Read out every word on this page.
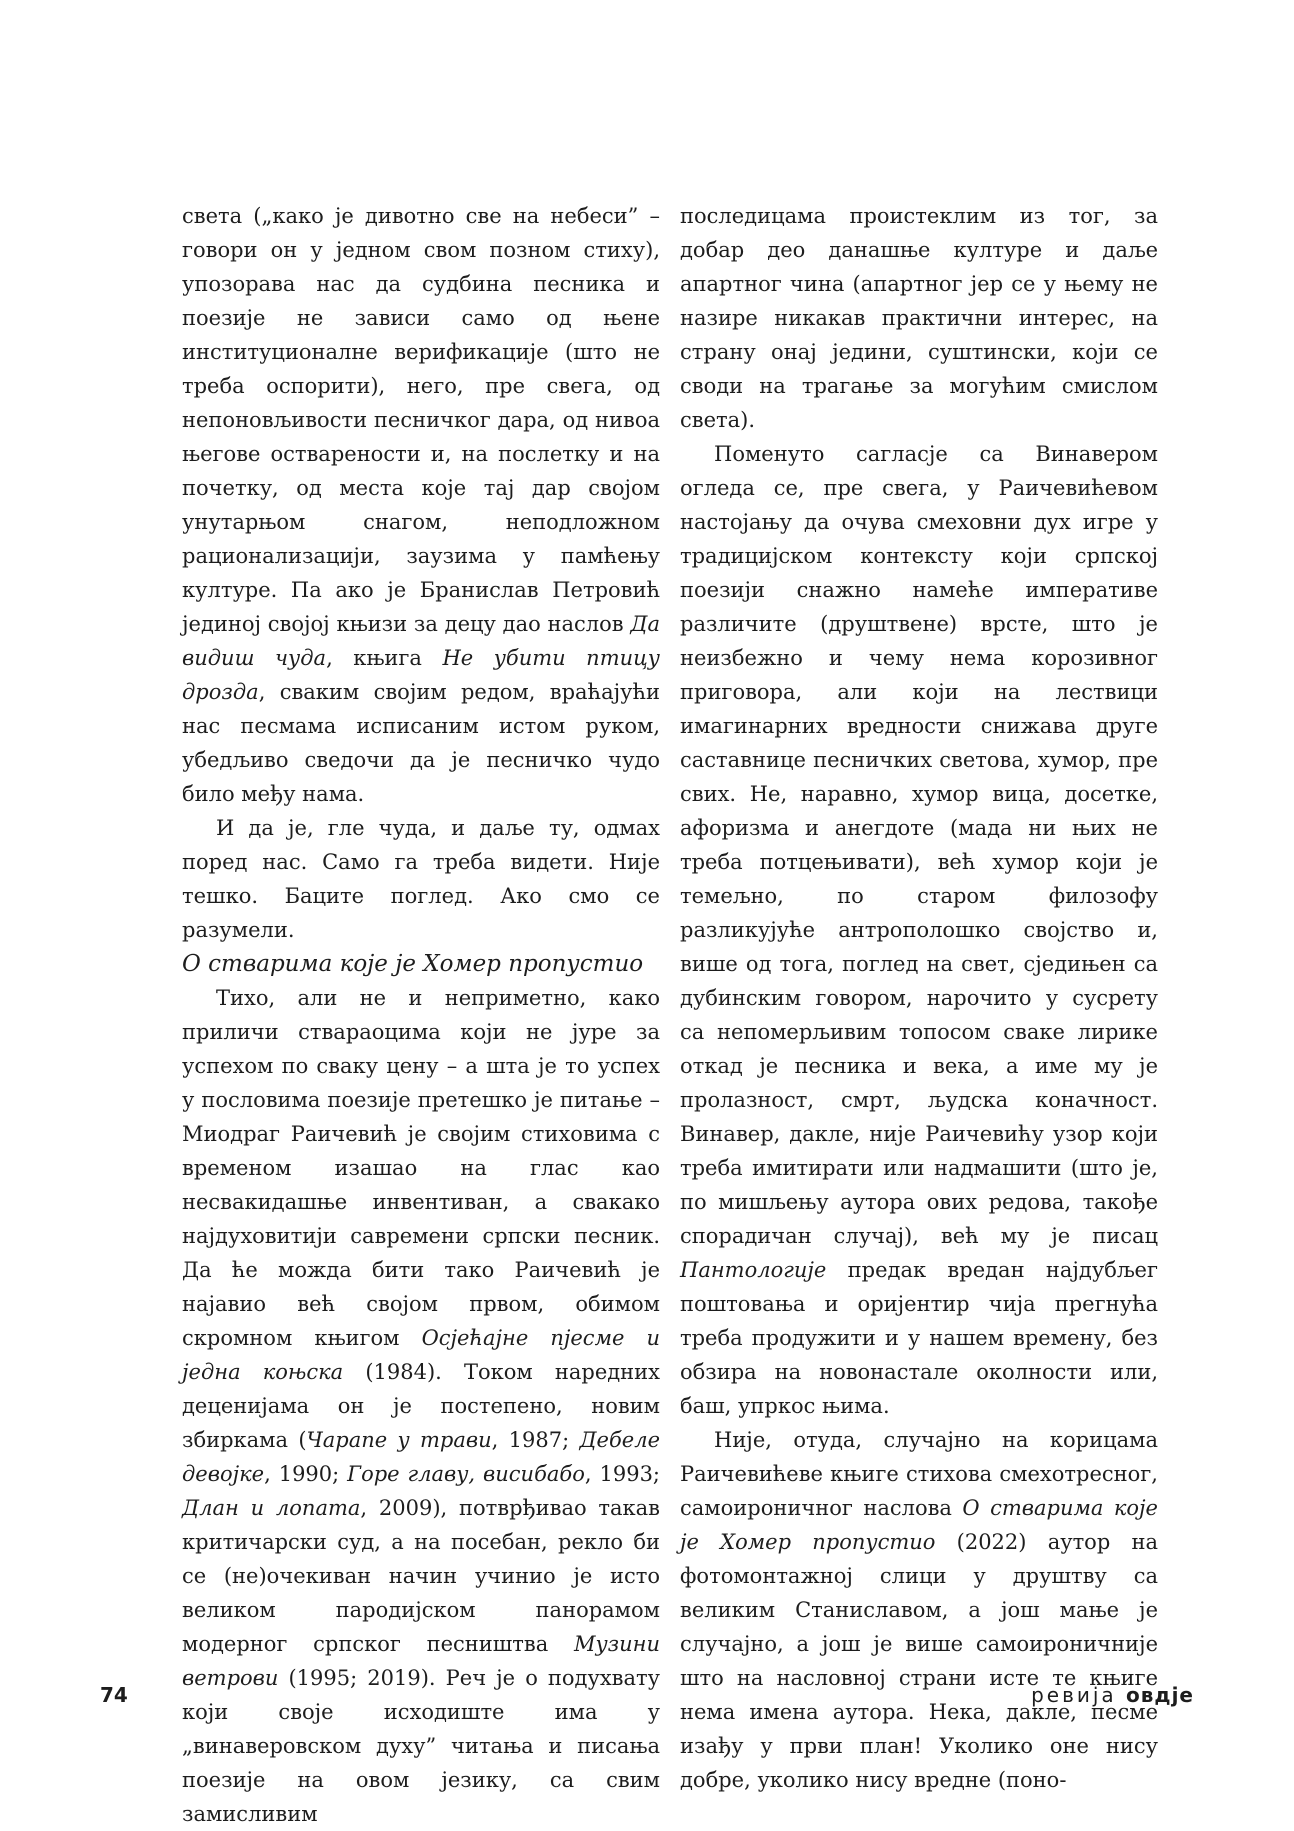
света („како је дивотно све на небеси” – говори он у једном свом позном стиху), упозорава нас да судбина песника и поезије не зависи само од њене институционалне верификације (што не треба оспорити), него, пре свега, од непоновљивости песничког дара, од нивоа његове остварености и, на послетку и на почетку, од места које тај дар својом унутарњом снагом, неподложном рационализацији, заузима у памћењу културе. Па ако је Бранислав Петровић јединој својој књизи за децу дао наслов Да видиш чуда, књига Не убити птицу дрозда, сваким својим редом, враћајући нас песмама исписаним истом руком, убедљиво сведочи да је песничко чудо било међу нама.

И да је, гле чуда, и даље ту, одмах поред нас. Само га треба видети. Није тешко. Баците поглед. Ако смо се разумели.

О стварима које је Хомер пропустио

Тихо, али не и неприметно, како приличи ствараоцима који не јуре за успехом по сваку цену – а шта је то успех у пословима поезије претешко је питање – Миодраг Раичевић је својим стиховима с временом изашао на глас као несвакидашње инвентиван, а свакако најдуховитији савремени српски песник. Да ће можда бити тако Раичевић је најавио већ својом првом, обимом скромном књигом Осјећајне пјесме и једна коњска (1984). Током наредних деценијама он је постепено, новим збиркама (Чарапе у трави, 1987; Дебеле девојке, 1990; Горе главу, висибабо, 1993; Длан и лопата, 2009), потврђивао такав критичарски суд, а на посебан, рекло би се (не)очекиван начин учинио је исто великом пародијском панорамом модерног српског песништва Музини ветрови (1995; 2019). Реч је о подухвату који своје исходиште има у „винаверовском духу” читања и писања поезије на овом језику, са свим замисливим

последицама проистеклим из тог, за добар део данашње културе и даље апартног чина (апартног јер се у њему не назире никакав практични интерес, на страну онај једини, суштински, који се своди на трагање за могућим смислом света).

Поменуто сагласје са Винавером огледа се, пре свега, у Раичевићевом настојању да очува смеховни дух игре у традицијском контексту који српској поезији снажно намеће императиве различите (друштвене) врсте, што је неизбежно и чему нема корозивног приговора, али који на лествици имагинарних вредности снижава друге саставнице песничких светова, хумор, пре свих. Не, наравно, хумор вица, досетке, афоризма и анегдоте (мада ни њих не треба потцењивати), већ хумор који је темељно, по старом филозофу разликујуће антрополошко својство и, више од тога, поглед на свет, сједињен са дубинским говором, нарочито у сусрету са непомерљивим топосом сваке лирике откад је песника и века, а име му је пролазност, смрт, људска коначност. Винавер, дакле, није Раичевићу узор који треба имитирати или надмашити (што је, по мишљењу аутора ових редова, такође спорадичан случај), већ му је писац Пантологије предак вредан најдубљег поштовања и оријентир чија прегнућа треба продужити и у нашем времену, без обзира на новонастале околности или, баш, упркос њима.

Није, отуда, случајно на корицама Раичевићеве књиге стихова смехотресног, самоироничног наслова О стварима које је Хомер пропустио (2022) аутор на фотомонтажној слици у друштву са великим Станиславом, а још мање је случајно, а још је више самоироничније што на насловној страни исте те књиге нема имена аутора. Нека, дакле, песме изађу у први план! Уколико оне нису добре, уколико нису вредне (поно-

74	ревија овдје
